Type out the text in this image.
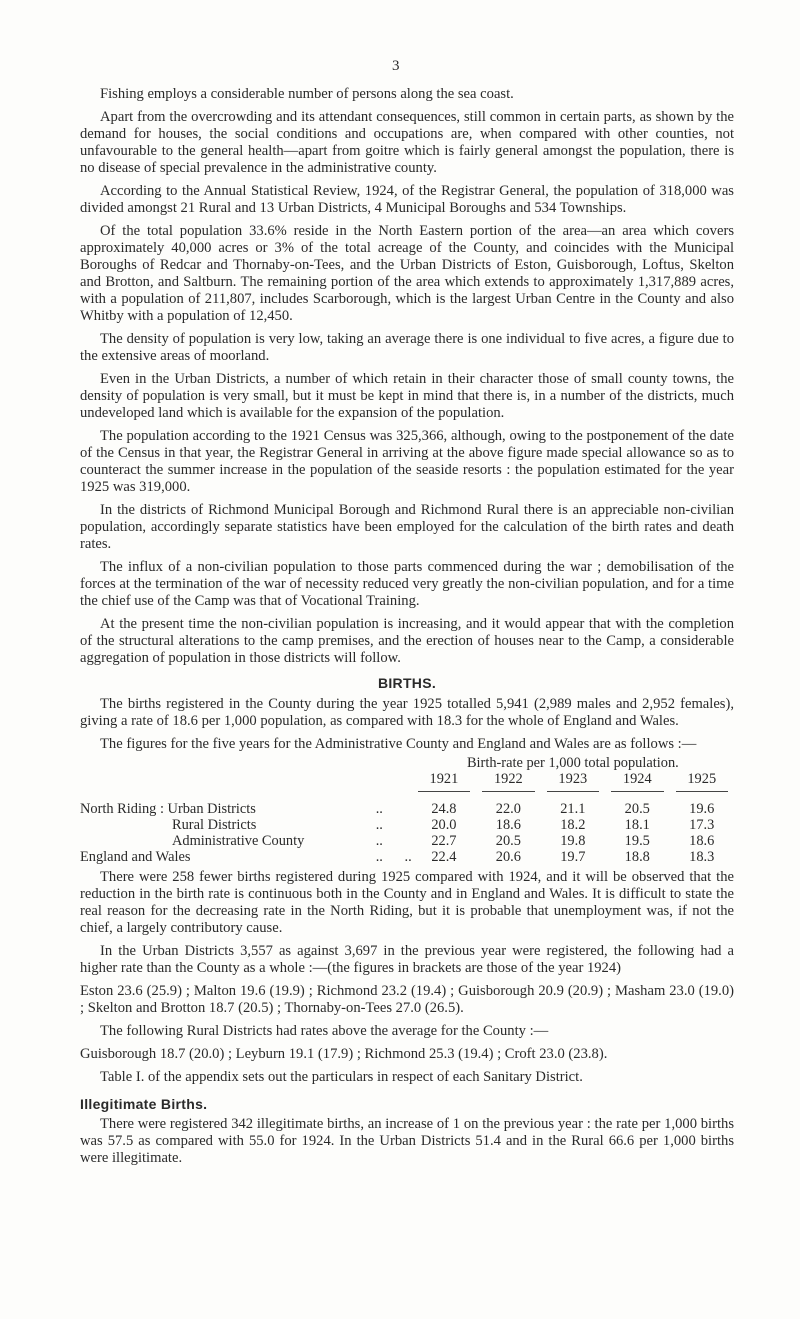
3

Fishing employs a considerable number of persons along the sea coast.

Apart from the overcrowding and its attendant consequences, still common in certain parts, as shown by the demand for houses, the social conditions and occupations are, when compared with other counties, not unfavourable to the general health—apart from goitre which is fairly general amongst the population, there is no disease of special prevalence in the administrative county.

According to the Annual Statistical Review, 1924, of the Registrar General, the population of 318,000 was divided amongst 21 Rural and 13 Urban Districts, 4 Municipal Boroughs and 534 Townships.

Of the total population 33.6% reside in the North Eastern portion of the area—an area which covers approximately 40,000 acres or 3% of the total acreage of the County, and coincides with the Municipal Boroughs of Redcar and Thornaby-on-Tees, and the Urban Districts of Eston, Guisborough, Loftus, Skelton and Brotton, and Saltburn. The remaining portion of the area which extends to approximately 1,317,889 acres, with a population of 211,807, includes Scarborough, which is the largest Urban Centre in the County and also Whitby with a population of 12,450.

The density of population is very low, taking an average there is one individual to five acres, a figure due to the extensive areas of moorland.

Even in the Urban Districts, a number of which retain in their character those of small county towns, the density of population is very small, but it must be kept in mind that there is, in a number of the districts, much undeveloped land which is available for the expansion of the population.

The population according to the 1921 Census was 325,366, although, owing to the postponement of the date of the Census in that year, the Registrar General in arriving at the above figure made special allowance so as to counteract the summer increase in the population of the seaside resorts : the population estimated for the year 1925 was 319,000.

In the districts of Richmond Municipal Borough and Richmond Rural there is an appreciable non-civilian population, accordingly separate statistics have been employed for the calculation of the birth rates and death rates.

The influx of a non-civilian population to those parts commenced during the war ; demobilisation of the forces at the termination of the war of necessity reduced very greatly the non-civilian population, and for a time the chief use of the Camp was that of Vocational Training.

At the present time the non-civilian population is increasing, and it would appear that with the completion of the structural alterations to the camp premises, and the erection of houses near to the Camp, a considerable aggregation of population in those districts will follow.

BIRTHS.

The births registered in the County during the year 1925 totalled 5,941 (2,989 males and 2,952 females), giving a rate of 18.6 per 1,000 population, as compared with 18.3 for the whole of England and Wales.

The figures for the five years for the Administrative County and England and Wales are as follows :—

		Birth-rate per 1,000 total population.				
		1921	1922	1923	1924	1925

North Riding : Urban Districts	..	24.8	22.0	21.1	20.5	19.6
Rural Districts	..	20.0	18.6	18.2	18.1	17.3
Administrative County	..	22.7	20.5	19.8	19.5	18.6
England and Wales	..      ..	22.4	20.6	19.7	18.8	18.3

There were 258 fewer births registered during 1925 compared with 1924, and it will be observed that the reduction in the birth rate is continuous both in the County and in England and Wales. It is difficult to state the real reason for the decreasing rate in the North Riding, but it is probable that unemployment was, if not the chief, a largely contributory cause.

In the Urban Districts 3,557 as against 3,697 in the previous year were registered, the following had a higher rate than the County as a whole :—(the figures in brackets are those of the year 1924)

Eston 23.6 (25.9) ; Malton 19.6 (19.9) ; Richmond 23.2 (19.4) ; Guisborough 20.9 (20.9) ; Masham 23.0 (19.0) ; Skelton and Brotton 18.7 (20.5) ; Thornaby-on-Tees 27.0 (26.5).

The following Rural Districts had rates above the average for the County :—

Guisborough 18.7 (20.0) ; Leyburn 19.1 (17.9) ; Richmond 25.3 (19.4) ; Croft 23.0 (23.8).

Table I. of the appendix sets out the particulars in respect of each Sanitary District.

Illegitimate Births.

There were registered 342 illegitimate births, an increase of 1 on the previous year : the rate per 1,000 births was 57.5 as compared with 55.0 for 1924. In the Urban Districts 51.4 and in the Rural 66.6 per 1,000 births were illegitimate.
